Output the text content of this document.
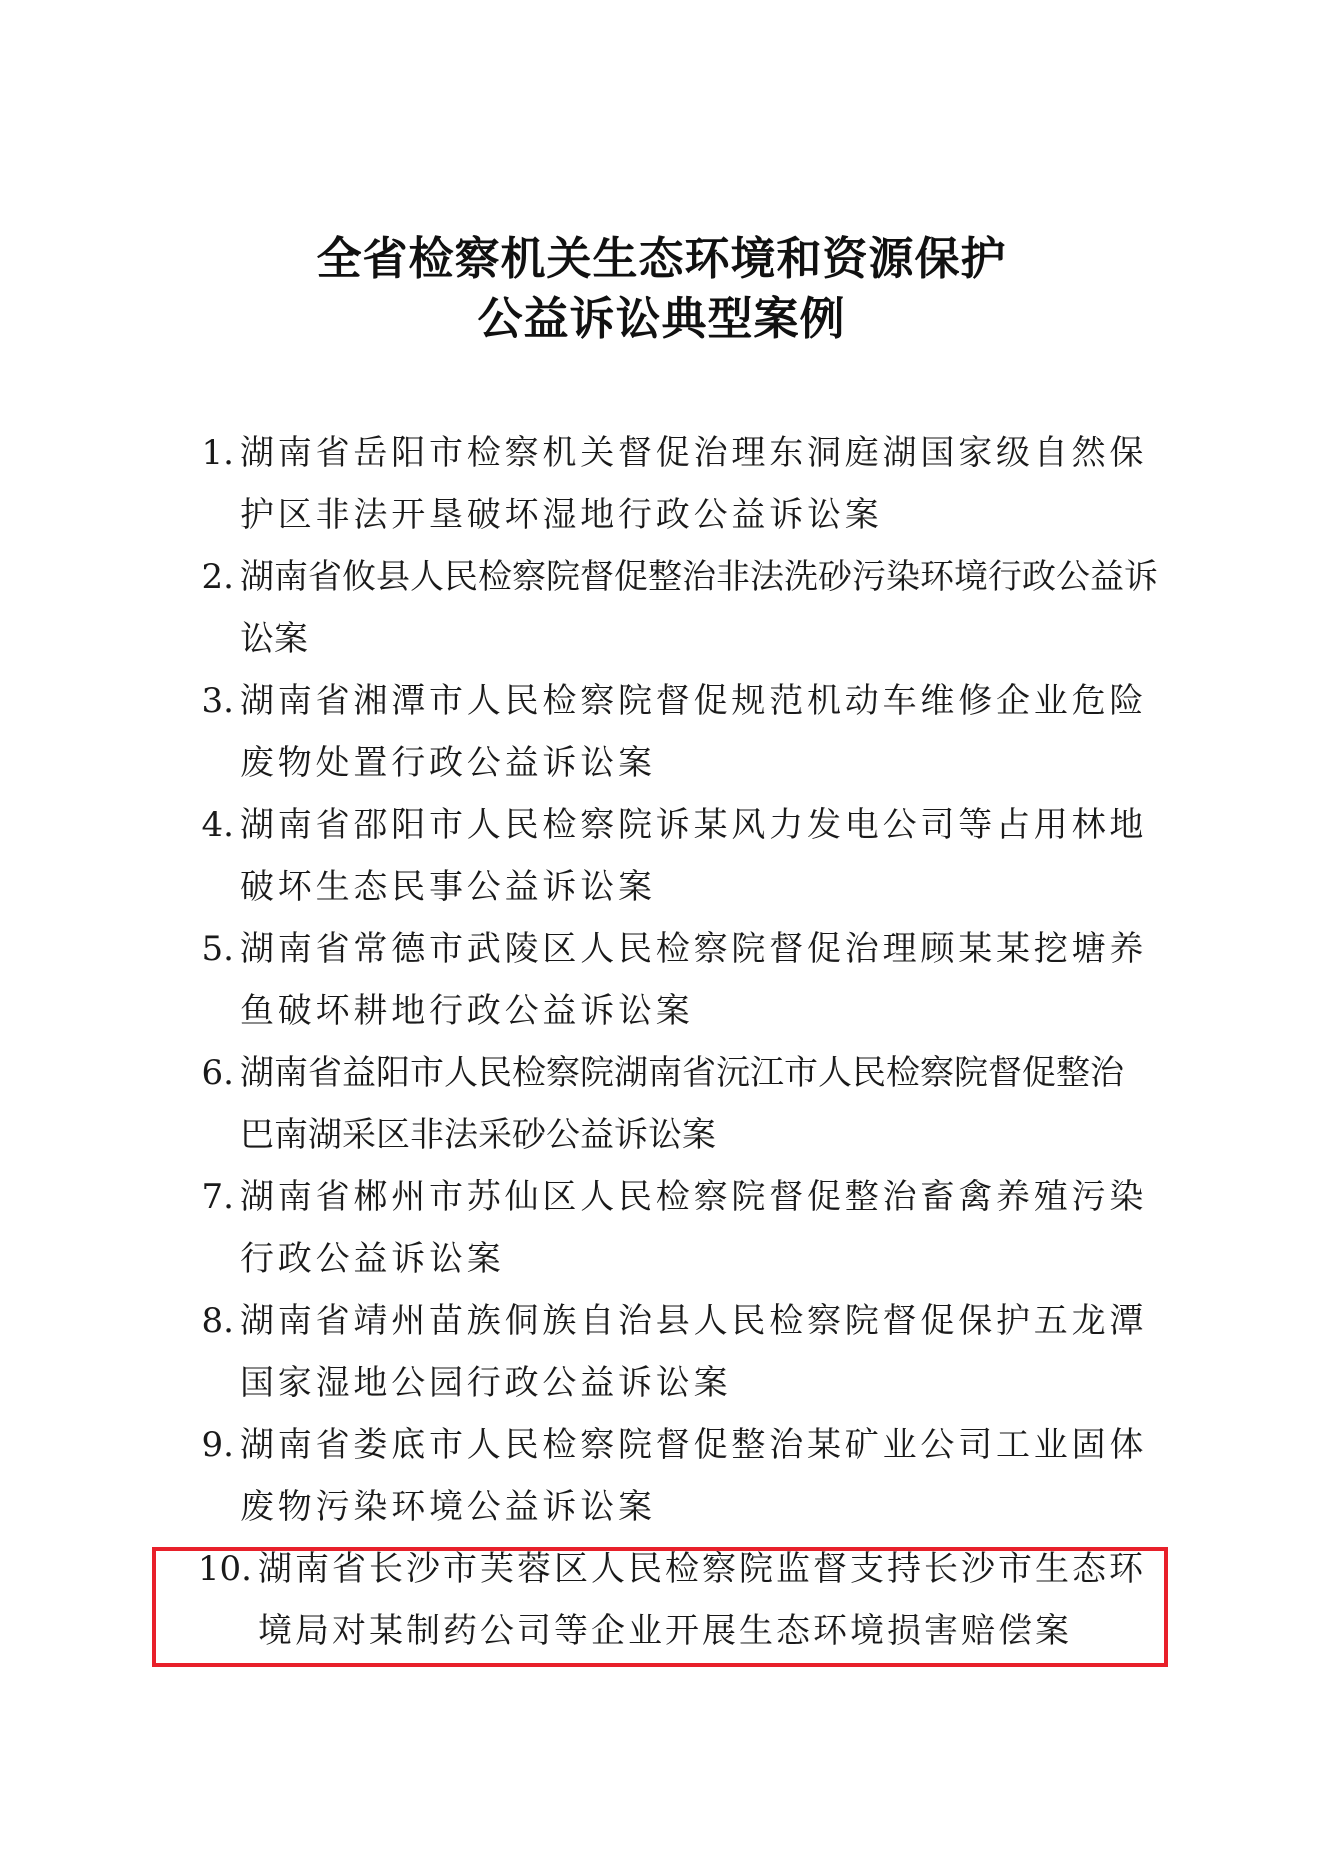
全省检察机关生态环境和资源保护
公益诉讼典型案例
1. 湖南省岳阳市检察机关督促治理东洞庭湖国家级自然保
护区非法开垦破坏湿地行政公益诉讼案
2. 湖南省攸县人民检察院督促整治非法洗砂污染环境行政公益诉
讼案
3. 湖南省湘潭市人民检察院督促规范机动车维修企业危险
废物处置行政公益诉讼案
4. 湖南省邵阳市人民检察院诉某风力发电公司等占用林地
破坏生态民事公益诉讼案
5. 湖南省常德市武陵区人民检察院督促治理顾某某挖塘养
鱼破坏耕地行政公益诉讼案
6. 湖南省益阳市人民检察院湖南省沅江市人民检察院督促整治
巴南湖采区非法采砂公益诉讼案
7. 湖南省郴州市苏仙区人民检察院督促整治畜禽养殖污染
行政公益诉讼案
8. 湖南省靖州苗族侗族自治县人民检察院督促保护五龙潭
国家湿地公园行政公益诉讼案
9. 湖南省娄底市人民检察院督促整治某矿业公司工业固体
废物污染环境公益诉讼案
10. 湖南省长沙市芙蓉区人民检察院监督支持长沙市生态环
境局对某制药公司等企业开展生态环境损害赔偿案
